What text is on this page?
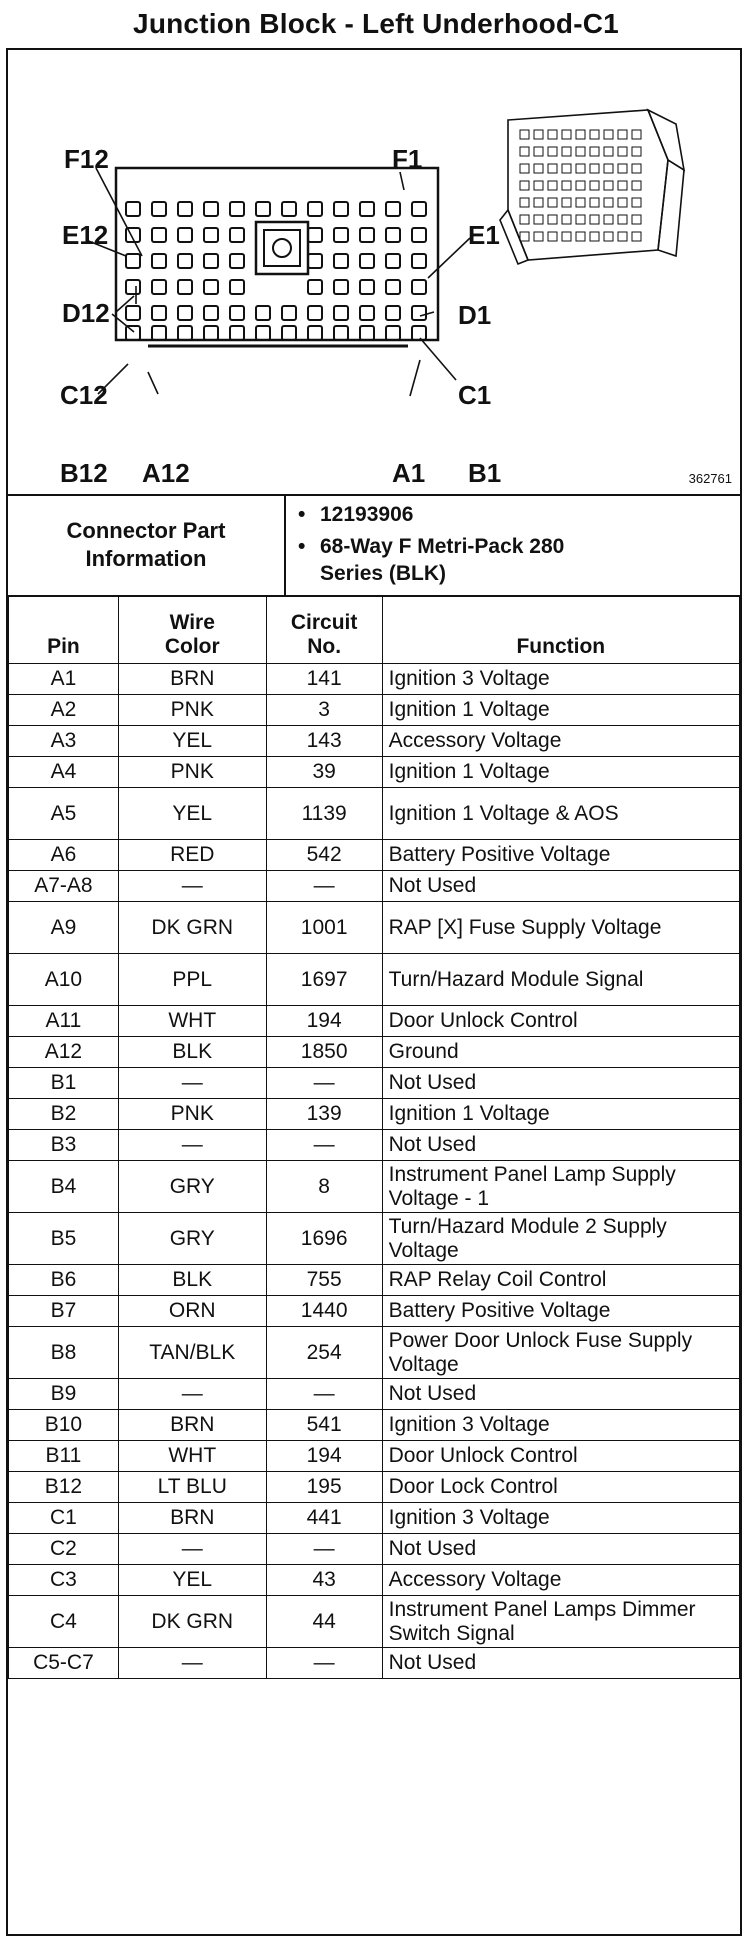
Junction Block - Left Underhood-C1
F12	F1
E12	E1
D12	D1
C12	C1
B12 A12	A1 B1	362761
Connector Part Information
• 12193906
• 68-Way F Metri-Pack 280 Series (BLK)
Pin	Wire Color	Circuit No.	Function
A1	BRN	141	Ignition 3 Voltage
A2	PNK	3	Ignition 1 Voltage
A3	YEL	143	Accessory Voltage
A4	PNK	39	Ignition 1 Voltage
A5	YEL	1139	Ignition 1 Voltage & AOS
A6	RED	542	Battery Positive Voltage
A7-A8	—	—	Not Used
A9	DK GRN	1001	RAP [X] Fuse Supply Voltage
A10	PPL	1697	Turn/Hazard Module Signal
A11	WHT	194	Door Unlock Control
A12	BLK	1850	Ground
B1	—	—	Not Used
B2	PNK	139	Ignition 1 Voltage
B3	—	—	Not Used
B4	GRY	8	Instrument Panel Lamp Supply Voltage - 1
B5	GRY	1696	Turn/Hazard Module 2 Supply Voltage
B6	BLK	755	RAP Relay Coil Control
B7	ORN	1440	Battery Positive Voltage
B8	TAN/BLK	254	Power Door Unlock Fuse Supply Voltage
B9	—	—	Not Used
B10	BRN	541	Ignition 3 Voltage
B11	WHT	194	Door Unlock Control
B12	LT BLU	195	Door Lock Control
C1	BRN	441	Ignition 3 Voltage
C2	—	—	Not Used
C3	YEL	43	Accessory Voltage
C4	DK GRN	44	Instrument Panel Lamps Dimmer Switch Signal
C5-C7	—	—	Not Used
